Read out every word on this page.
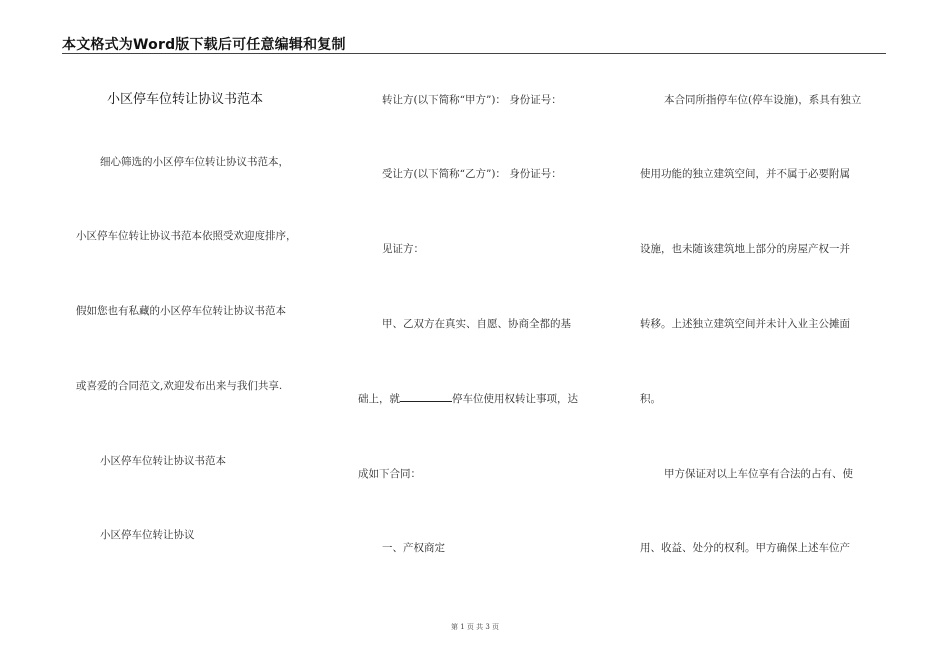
本文格式为Word版下载后可任意编辑和复制
小区停车位转让协议书范本
细心筛选的小区停车位转让协议书范本，
小区停车位转让协议书范本依照受欢迎度排序，
假如您也有私藏的小区停车位转让协议书范本
或喜爱的合同范文,欢迎发布出来与我们共享.
小区停车位转让协议书范本
小区停车位转让协议
转让方(以下简称“甲方”)： 身份证号：
受让方(以下简称“乙方”)： 身份证号：
见证方：
甲、乙双方在真实、自愿、协商全都的基
础上，就	停车位使用权转让事项，达
成如下合同：
一、产权商定
本合同所指停车位(停车设施)，系具有独立
使用功能的独立建筑空间，并不属于必要附属
设施，也未随该建筑地上部分的房屋产权一并
转移。上述独立建筑空间并未计入业主公摊面
积。
甲方保证对以上车位享有合法的占有、使
用、收益、处分的权利。甲方确保上述车位产
第 1 页 共 3 页
